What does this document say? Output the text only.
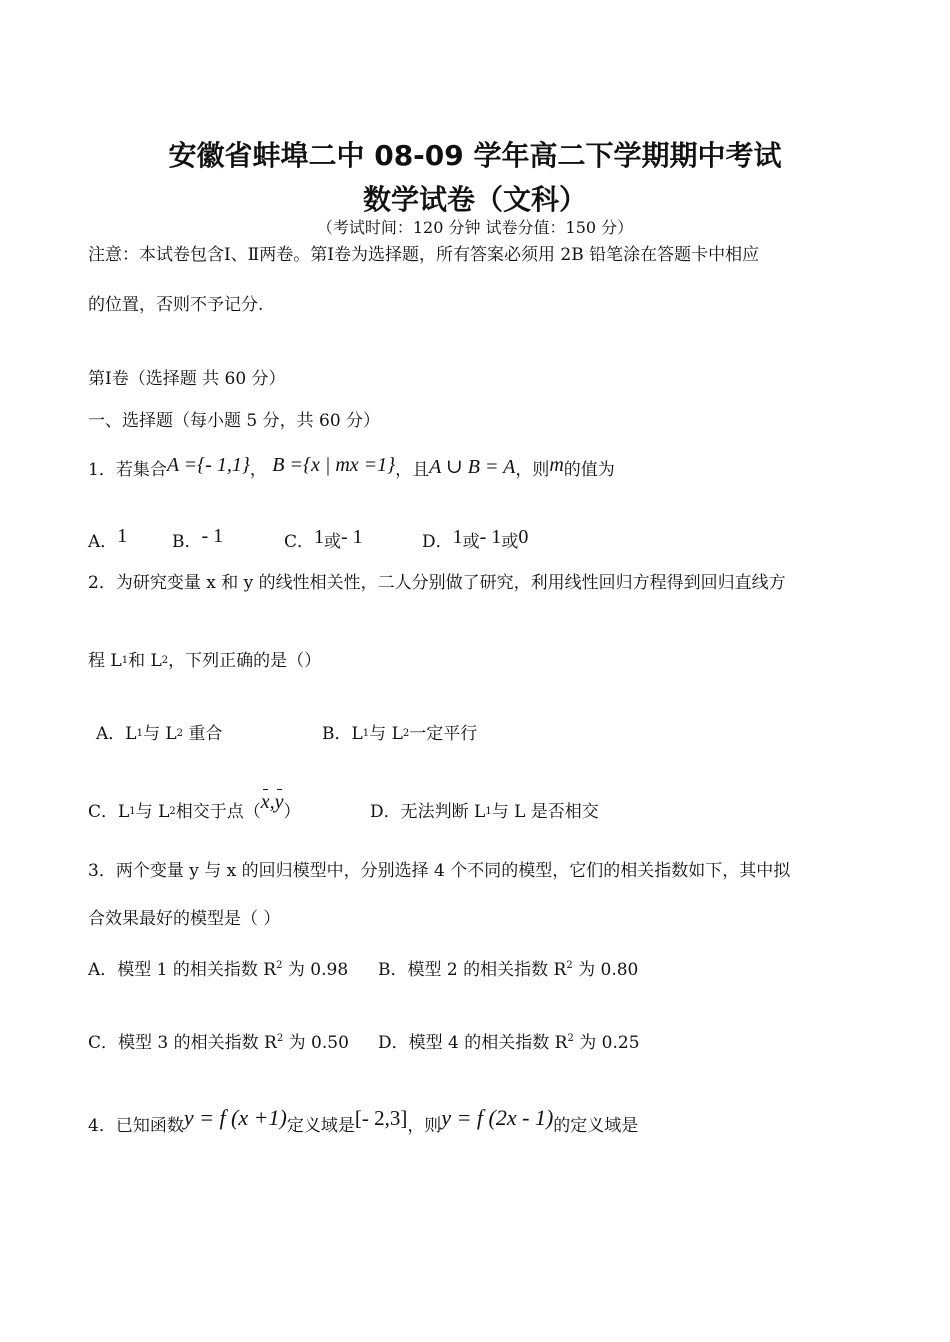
安徽省蚌埠二中 08-09 学年高二下学期期中考试
数学试卷（文科）
（考试时间：120 分钟 试卷分值：150 分）
注意：本试卷包含Ⅰ、Ⅱ两卷。第Ⅰ卷为选择题，所有答案必须用 2B 铅笔涂在答题卡中相应
的位置，否则不予记分.
第Ⅰ卷（选择题 共 60 分）
一、选择题（每小题 5 分，共 60 分）
1．若集合A ={- 1,1}， B ={x | mx =1}，且A ∪ B = A，则m的值为
A．1	B．- 1	C．1或- 1	D．1或- 1或0
2．为研究变量 x 和 y 的线性相关性，二人分别做了研究，利用线性回归方程得到回归直线方
程 L1和 L2，下列正确的是（）
A．L1与 L2 重合	B．L1与 L2一定平行
C．L1与 L2相交于点（x,y）	D．无法判断 L1与 L 是否相交
3．两个变量 y 与 x 的回归模型中，分别选择 4 个不同的模型，它们的相关指数如下，其中拟
合效果最好的模型是（ ）
A．模型 1 的相关指数 $R^2$ 为 0.98 B．模型 2 的相关指数 $R^2$ 为 0.80
C．模型 3 的相关指数 $R^2$ 为 0.50 D．模型 4 的相关指数 $R^2$ 为 0.25
4．已知函数y = f (x +1)定义域是[- 2,3]，则y = f (2x - 1)的定义域是
